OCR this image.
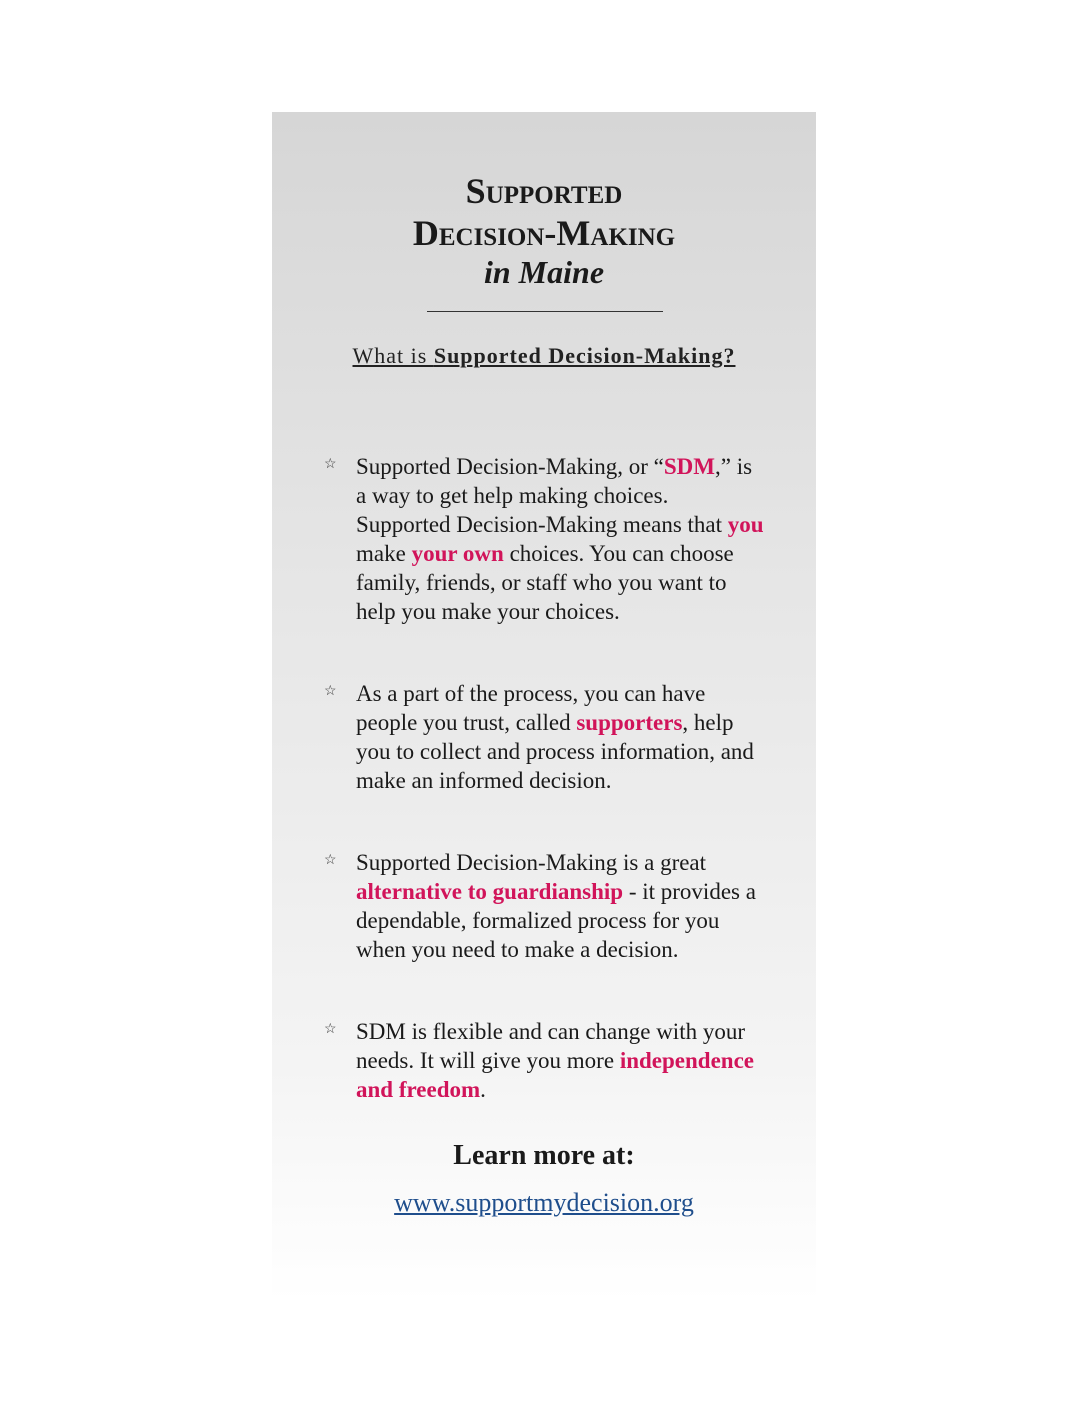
Supported
Decision-Making
in Maine
What is Supported Decision-Making?
☆ Supported Decision-Making, or “SDM,” is a way to get help making choices. Supported Decision-Making means that you make your own choices. You can choose family, friends, or staff who you want to help you make your choices.
☆ As a part of the process, you can have people you trust, called supporters, help you to collect and process information, and make an informed decision.
☆ Supported Decision-Making is a great alternative to guardianship - it provides a dependable, formalized process for you when you need to make a decision.
☆ SDM is flexible and can change with your needs. It will give you more independence and freedom.
Learn more at:
www.supportmydecision.org
